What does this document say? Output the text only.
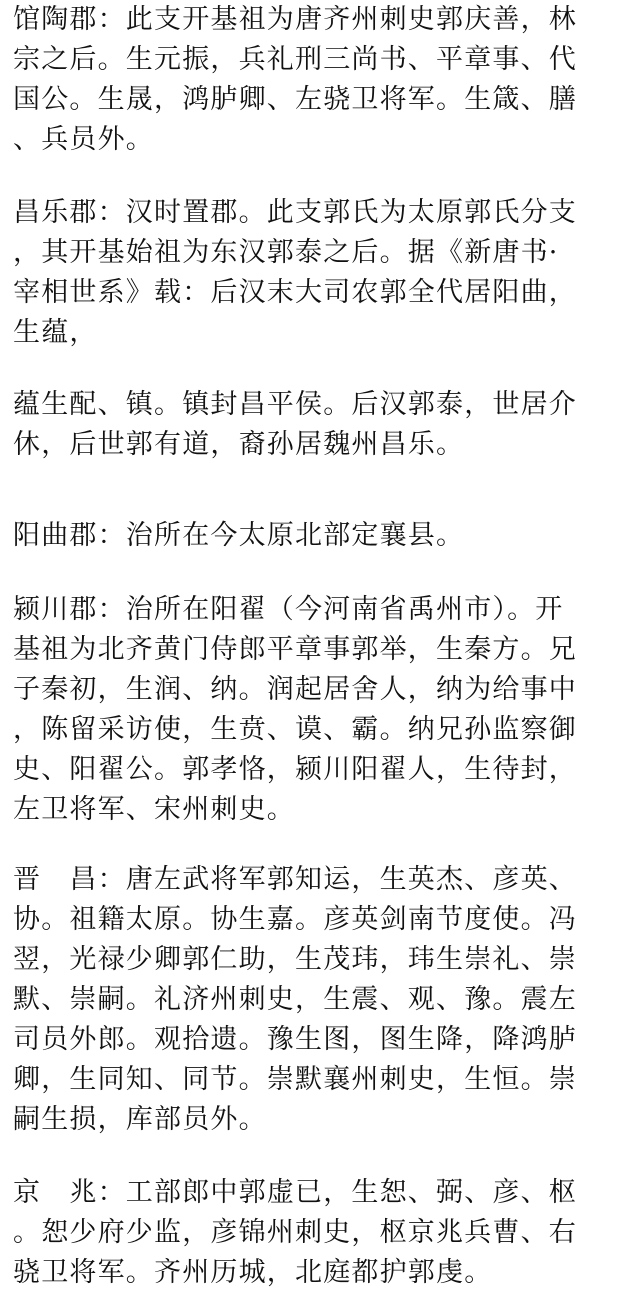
馆陶郡：此支开基祖为唐齐州刺史郭庆善，林
宗之后。生元振，兵礼刑三尚书、平章事、代
国公。生晟，鸿胪卿、左骁卫将军。生箴、膳
、兵员外。
昌乐郡：汉时置郡。此支郭氏为太原郭氏分支
，其开基始祖为东汉郭泰之后。据《新唐书·
宰相世系》载：后汉末大司农郭全代居阳曲，
生蕴，
蕴生配、镇。镇封昌平侯。后汉郭泰，世居介
休，后世郭有道，裔孙居魏州昌乐。
阳曲郡：治所在今太原北部定襄县。
颍川郡：治所在阳翟（今河南省禹州市）。开
基祖为北齐黄门侍郎平章事郭举，生秦方。兄
子秦初，生润、纳。润起居舍人，纳为给事中
，陈留采访使，生贲、谟、霸。纳兄孙监察御
史、阳翟公。郭孝恪，颍川阳翟人，生待封，
左卫将军、宋州刺史。
晋　昌：唐左武将军郭知运，生英杰、彦英、
协。祖籍太原。协生嘉。彦英剑南节度使。冯
翌，光禄少卿郭仁助，生茂玮，玮生崇礼、崇
默、崇嗣。礼济州刺史，生震、观、豫。震左
司员外郎。观拾遗。豫生图，图生降，降鸿胪
卿，生同知、同节。崇默襄州刺史，生恒。崇
嗣生损，库部员外。
京　兆：工部郎中郭虚已，生恕、弼、彦、枢
。恕少府少监，彦锦州刺史，枢京兆兵曹、右
骁卫将军。齐州历城，北庭都护郭虔。
